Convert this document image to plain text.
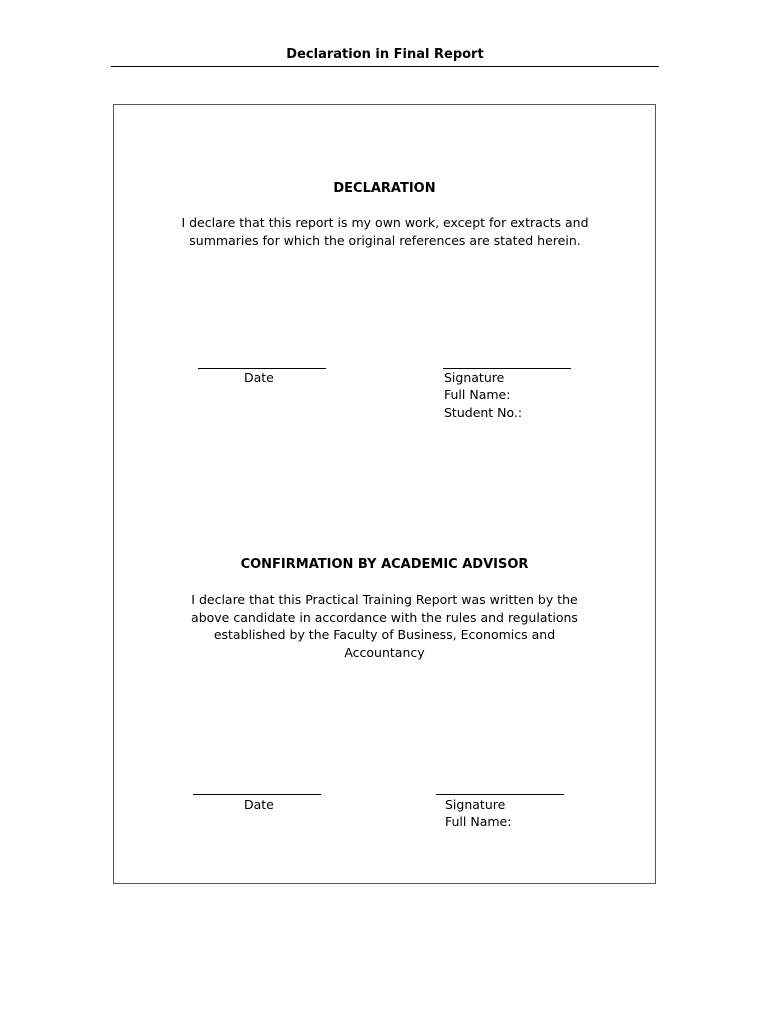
Declaration in Final Report
DECLARATION
I declare that this report is my own work, except for extracts and summaries for which the original references are stated herein.
Date	Signature
Full Name:
Student No.:
CONFIRMATION BY ACADEMIC ADVISOR
I declare that this Practical Training Report was written by the above candidate in accordance with the rules and regulations established by the Faculty of Business, Economics and Accountancy
Date	Signature
Full Name:
